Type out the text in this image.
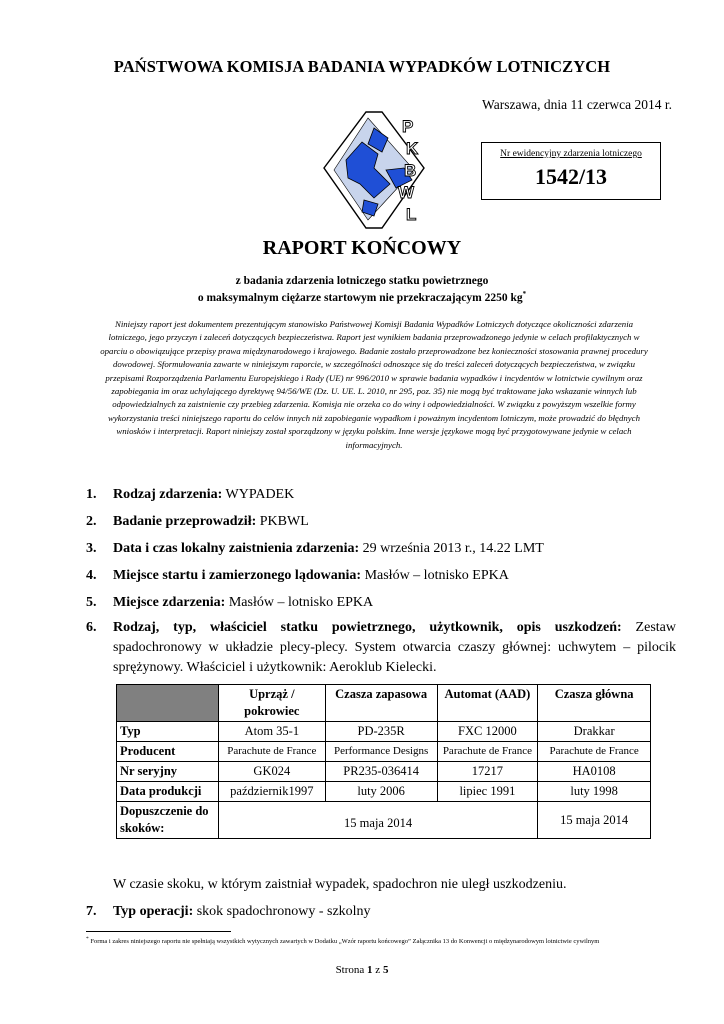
PAŃSTWOWA KOMISJA BADANIA WYPADKÓW LOTNICZYCH
Warszawa, dnia 11 czerwca 2014 r.
P
K
B
W
L
Nr ewidencyjny zdarzenia lotniczego
1542/13
RAPORT KOŃCOWY
z badania zdarzenia lotniczego statku powietrznego
o maksymalnym ciężarze startowym nie przekraczającym 2250 kg*
Niniejszy raport jest dokumentem prezentującym stanowisko Państwowej Komisji Badania Wypadków Lotniczych dotyczące okoliczności zdarzenia lotniczego, jego przyczyn i zaleceń dotyczących bezpieczeństwa. Raport jest wynikiem badania przeprowadzonego jedynie w celach profilaktycznych w oparciu o obowiązujące przepisy prawa międzynarodowego i krajowego. Badanie zostało przeprowadzone bez konieczności stosowania prawnej procedury dowodowej. Sformułowania zawarte w niniejszym raporcie, w szczególności odnoszące się do treści zaleceń dotyczących bezpieczeństwa, w związku przepisami Rozporządzenia Parlamentu Europejskiego i Rady (UE) nr 996/2010 w sprawie badania wypadków i incydentów w lotnictwie cywilnym oraz zapobiegania im oraz uchylającego dyrektywę 94/56/WE (Dz. U. UE. L. 2010, nr 295, poz. 35) nie mogą być traktowane jako wskazanie winnych lub odpowiedzialnych za zaistnienie czy przebieg zdarzenia. Komisja nie orzeka co do winy i odpowiedzialności. W związku z powyższym wszelkie formy wykorzystania treści niniejszego raportu do celów innych niż zapobieganie wypadkom i poważnym incydentom lotniczym, może prowadzić do błędnych wniosków i interpretacji. Raport niniejszy został sporządzony w języku polskim. Inne wersje językowe mogą być przygotowywane jedynie w celach informacyjnych.
1. Rodzaj zdarzenia: WYPADEK
2. Badanie przeprowadził: PKBWL
3. Data i czas lokalny zaistnienia zdarzenia: 29 września 2013 r., 14.22 LMT
4. Miejsce startu i zamierzonego lądowania: Masłów – lotnisko EPKA
5. Miejsce zdarzenia: Masłów – lotnisko EPKA
6. Rodzaj, typ, właściciel statku powietrznego, użytkownik, opis uszkodzeń: Zestaw spadochronowy w układzie plecy-plecy. System otwarcia czaszy głównej: uchwytem – pilocik sprężynowy. Właściciel i użytkownik: Aeroklub Kielecki.
	Uprząż / pokrowiec	Czasza zapasowa	Automat (AAD)	Czasza główna
Typ	Atom 35-1	PD-235R	FXC 12000	Drakkar
Producent	Parachute de France	Performance Designs	Parachute de France	Parachute de France
Nr seryjny	GK024	PR235-036414	17217	HA0108
Data produkcji	październik1997	luty 2006	lipiec 1991	luty 1998
Dopuszczenie do skoków:	15 maja 2014			15 maja 2014
W czasie skoku, w którym zaistniał wypadek, spadochron nie uległ uszkodzeniu.
7. Typ operacji: skok spadochronowy - szkolny
* Forma i zakres niniejszego raportu nie spełniają wszystkich wytycznych zawartych w Dodatku „Wzór raportu końcowego” Załącznika 13 do Konwencji o międzynarodowym lotnictwie cywilnym
Strona 1 z 5
